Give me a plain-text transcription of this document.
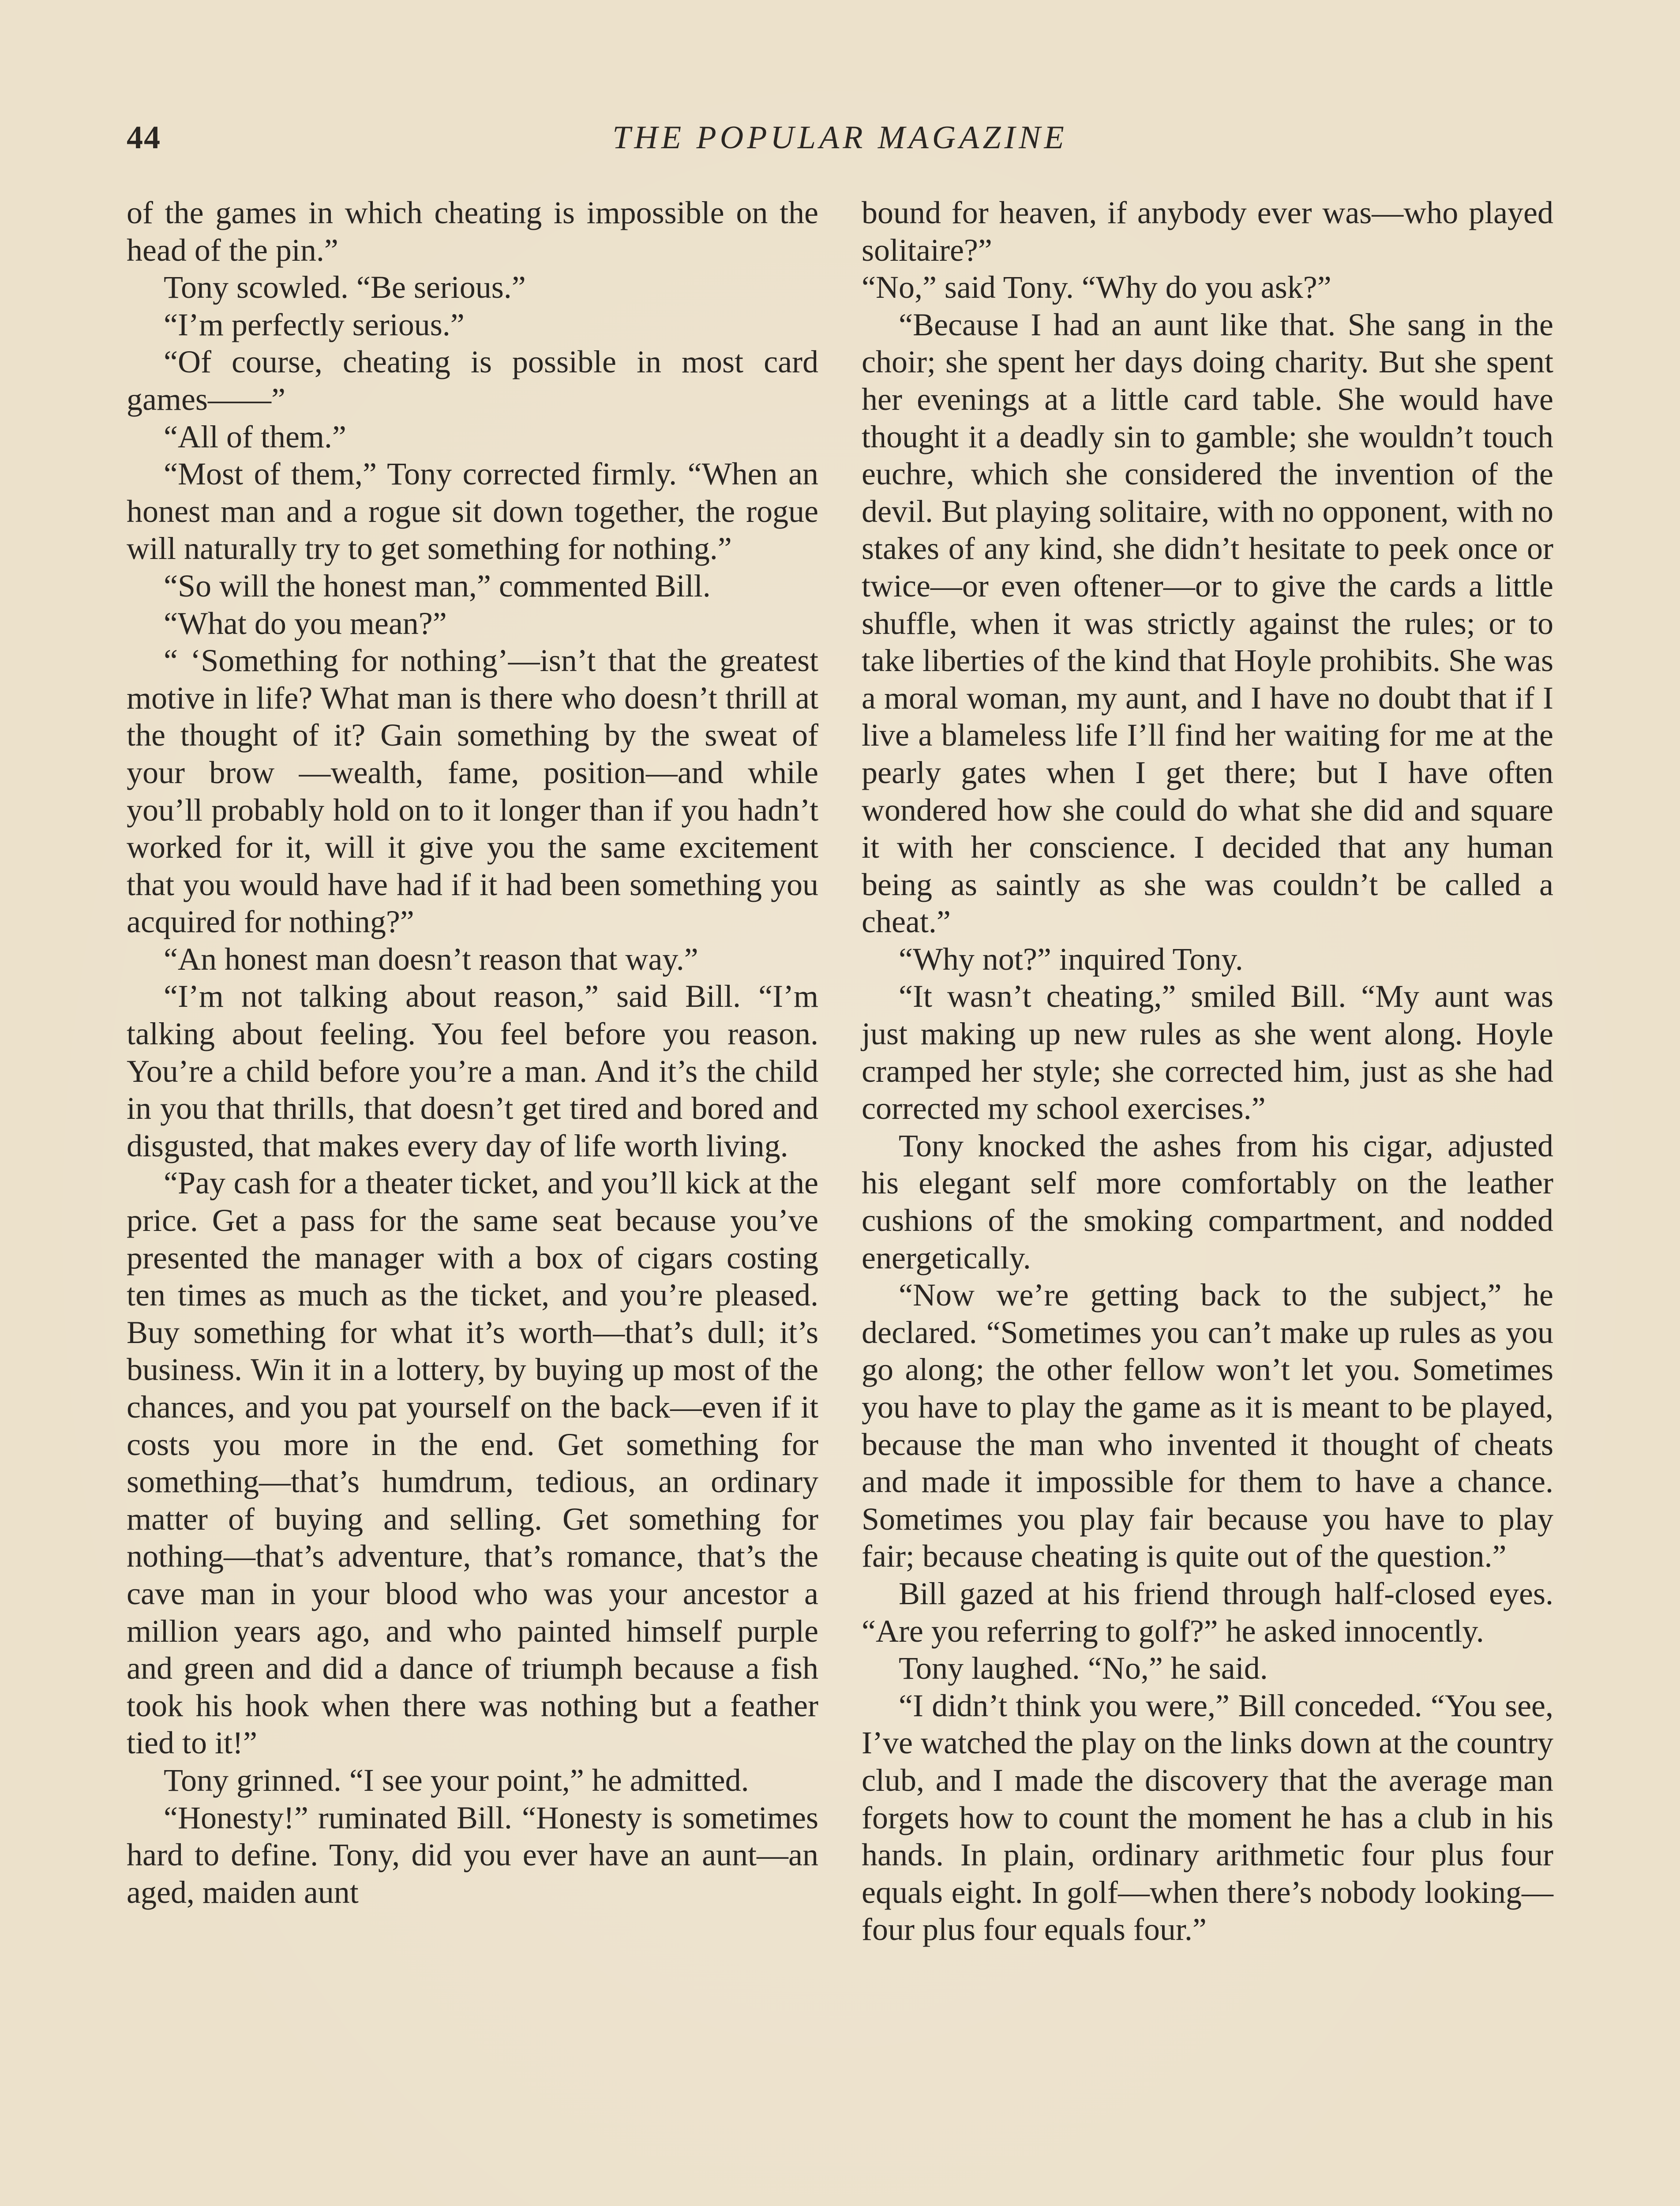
44	THE POPULAR MAGAZINE

of the games in which cheating is impossible on the head of the pin.”

Tony scowled. “Be serious.”

“I’m perfectly serious.”

“Of course, cheating is possible in most card games——”

“All of them.”

“Most of them,” Tony corrected firmly. “When an honest man and a rogue sit down together, the rogue will naturally try to get something for nothing.”

“So will the honest man,” commented Bill.

“What do you mean?”

“ ‘Something for nothing’—isn’t that the greatest motive in life? What man is there who doesn’t thrill at the thought of it? Gain something by the sweat of your brow —wealth, fame, position—and while you’ll probably hold on to it longer than if you hadn’t worked for it, will it give you the same excitement that you would have had if it had been something you acquired for nothing?”

“An honest man doesn’t reason that way.”

“I’m not talking about reason,” said Bill. “I’m talking about feeling. You feel before you reason. You’re a child before you’re a man. And it’s the child in you that thrills, that doesn’t get tired and bored and disgusted, that makes every day of life worth living.

“Pay cash for a theater ticket, and you’ll kick at the price. Get a pass for the same seat because you’ve presented the manager with a box of cigars costing ten times as much as the ticket, and you’re pleased. Buy something for what it’s worth—that’s dull; it’s business. Win it in a lottery, by buying up most of the chances, and you pat yourself on the back—even if it costs you more in the end. Get something for something—that’s humdrum, tedious, an ordinary matter of buying and selling. Get something for nothing—that’s adventure, that’s romance, that’s the cave man in your blood who was your ancestor a million years ago, and who painted himself purple and green and did a dance of triumph because a fish took his hook when there was nothing but a feather tied to it!”

Tony grinned. “I see your point,” he admitted.

“Honesty!” ruminated Bill. “Honesty is sometimes hard to define. Tony, did you ever have an aunt—an aged, maiden aunt

bound for heaven, if anybody ever was—who played solitaire?”

“No,” said Tony. “Why do you ask?”

“Because I had an aunt like that. She sang in the choir; she spent her days doing charity. But she spent her evenings at a little card table. She would have thought it a deadly sin to gamble; she wouldn’t touch euchre, which she considered the invention of the devil. But playing solitaire, with no opponent, with no stakes of any kind, she didn’t hesitate to peek once or twice—or even oftener—or to give the cards a little shuffle, when it was strictly against the rules; or to take liberties of the kind that Hoyle prohibits. She was a moral woman, my aunt, and I have no doubt that if I live a blameless life I’ll find her waiting for me at the pearly gates when I get there; but I have often wondered how she could do what she did and square it with her conscience. I decided that any human being as saintly as she was couldn’t be called a cheat.”

“Why not?” inquired Tony.

“It wasn’t cheating,” smiled Bill. “My aunt was just making up new rules as she went along. Hoyle cramped her style; she corrected him, just as she had corrected my school exercises.”

Tony knocked the ashes from his cigar, adjusted his elegant self more comfortably on the leather cushions of the smoking compartment, and nodded energetically.

“Now we’re getting back to the subject,” he declared. “Sometimes you can’t make up rules as you go along; the other fellow won’t let you. Sometimes you have to play the game as it is meant to be played, because the man who invented it thought of cheats and made it impossible for them to have a chance. Sometimes you play fair because you have to play fair; because cheating is quite out of the question.”

Bill gazed at his friend through half-closed eyes. “Are you referring to golf?” he asked innocently.

Tony laughed. “No,” he said.

“I didn’t think you were,” Bill conceded. “You see, I’ve watched the play on the links down at the country club, and I made the discovery that the average man forgets how to count the moment he has a club in his hands. In plain, ordinary arithmetic four plus four equals eight. In golf—when there’s nobody looking—four plus four equals four.”
